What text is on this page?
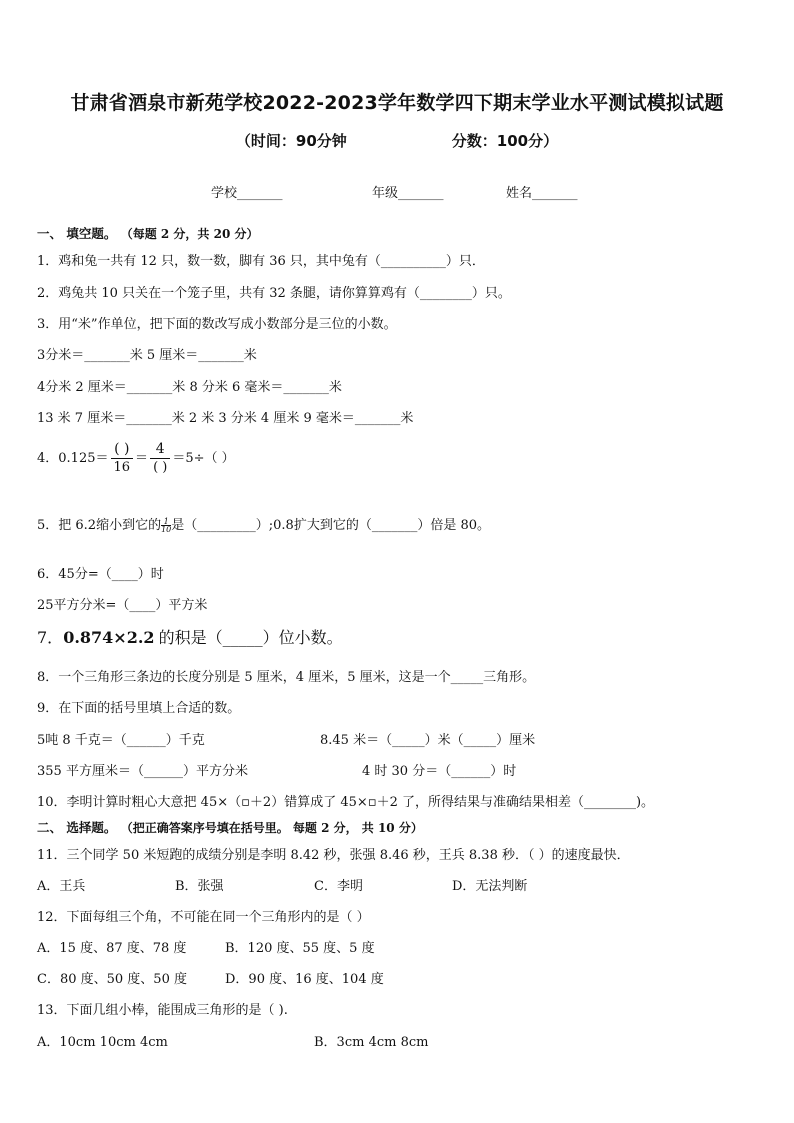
甘肃省酒泉市新苑学校2022-2023学年数学四下期末学业水平测试模拟试题
（时间：90分钟	分数：100分）
学校_______	年级_______	姓名_______
一、 填空题。 （每题 2 分，共 20 分）
1．鸡和兔一共有 12 只，数一数，脚有 36 只，其中兔有（__________）只．
2．鸡兔共 10 只关在一个笼子里，共有 32 条腿，请你算算鸡有（________）只。
3．用“米”作单位，把下面的数改写成小数部分是三位的小数。
3分米＝_______米 5 厘米＝_______米
4分米 2 厘米＝_______米 8 分米 6 毫米＝_______米
13 米 7 厘米＝_______米 2 米 3 分米 4 厘米 9 毫米＝_______米
4．$0.125= \frac{( )}{16} = \frac{4}{( )} =5\div$（ ）
5．把 6.2缩小到它的 $\frac{1}{10}$是（_________）;0.8扩大到它的（_______）倍是 80。
6．45分=（____）时
25平方分米=（____）平方米
7．0.874×2.2 的积是（_____）位小数。
8．一个三角形三条边的长度分别是 5 厘米，4 厘米，5 厘米，这是一个_____三角形。
9．在下面的括号里填上合适的数。
5吨 8 千克＝（______）千克	8.45 米＝（_____）米（_____）厘米
355 平方厘米＝（______）平方分米	4 时 30 分＝（______）时
10．李明计算时粗心大意把 45×（▫＋2）错算成了 45×▫＋2 了，所得结果与准确结果相差（________)。
二、 选择题。 （把正确答案序号填在括号里。 每题 2 分， 共 10 分）
11．三个同学 50 米短跑的成绩分别是李明 8.42 秒，张强 8.46 秒，王兵 8.38 秒．（ ）的速度最快．
A．王兵	B．张强	C．李明	D．无法判断
12．下面每组三个角，不可能在同一个三角形内的是（ ）
A．15 度、87 度、78 度	B．120 度、55 度、5 度
C．80 度、50 度、50 度	D．90 度、16 度、104 度
13．下面几组小棒，能围成三角形的是（ ).
A．10cm 10cm 4cm	B．3cm 4cm 8cm
